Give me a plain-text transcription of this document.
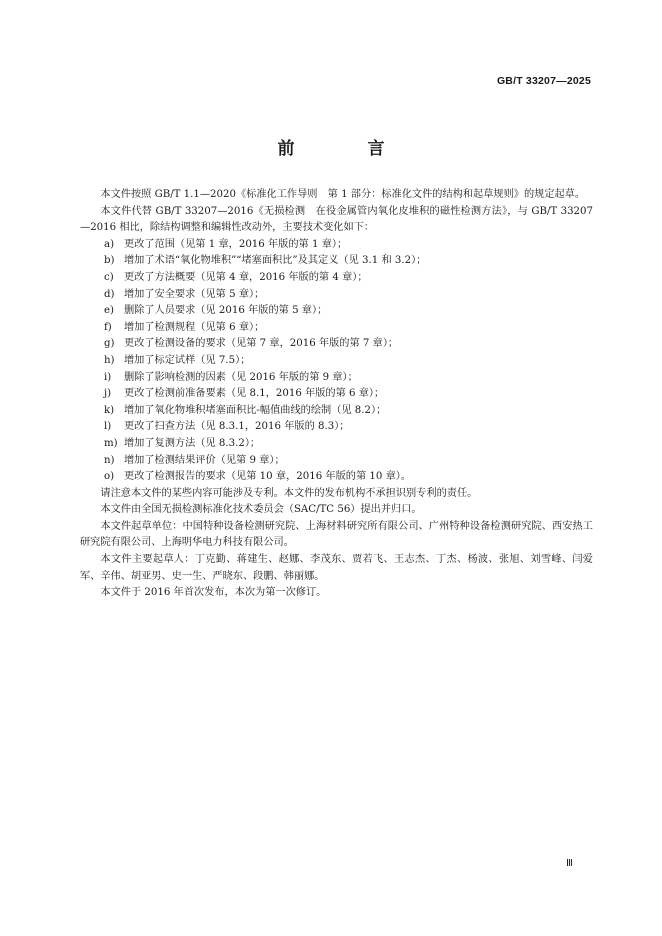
GB/T 33207—2025
前　言

本文件按照 GB/T 1.1—2020《标准化工作导则　第 1 部分：标准化文件的结构和起草规则》的规定起草。

本文件代替 GB/T 33207—2016《无损检测　在役金属管内氧化皮堆积的磁性检测方法》，与 GB/T 33207—2016 相比，除结构调整和编辑性改动外，主要技术变化如下：

a) 更改了范围（见第 1 章，2016 年版的第 1 章）；
b) 增加了术语“氧化物堆积”“堵塞面积比”及其定义（见 3.1 和 3.2）；
c)	更改了方法概要（见第 4 章，2016 年版的第 4 章）；
d) 增加了安全要求（见第 5 章）；
e) 删除了人员要求（见 2016 年版的第 5 章）；
f)	增加了检测规程（见第 6 章）；
g) 更改了检测设备的要求（见第 7 章，2016 年版的第 7 章）；
h) 增加了标定试样（见 7.5）；
i)	删除了影响检测的因素（见 2016 年版的第 9 章）；
j)	更改了检测前准备要素（见 8.1，2016 年版的第 6 章）；
k) 增加了氧化物堆积堵塞面积比-幅值曲线的绘制（见 8.2）；
l)	更改了扫查方法（见 8.3.1，2016 年版的 8.3）；
m) 增加了复测方法（见 8.3.2）；
n) 增加了检测结果评价（见第 9 章）；
o) 更改了检测报告的要求（见第 10 章，2016 年版的第 10 章）。

请注意本文件的某些内容可能涉及专利。本文件的发布机构不承担识别专利的责任。

本文件由全国无损检测标准化技术委员会（SAC/TC 56）提出并归口。

本文件起草单位：中国特种设备检测研究院、上海材料研究所有限公司、广州特种设备检测研究院、西安热工研究院有限公司、上海明华电力科技有限公司。

本文件主要起草人：丁克勤、蒋建生、赵娜、李茂东、贾若飞、王志杰、丁杰、杨波、张旭、刘雪峰、闫爱军、辛伟、胡亚男、史一生、严晓东、段鹏、韩丽娜。

本文件于 2016 年首次发布，本次为第一次修订。

Ⅲ
